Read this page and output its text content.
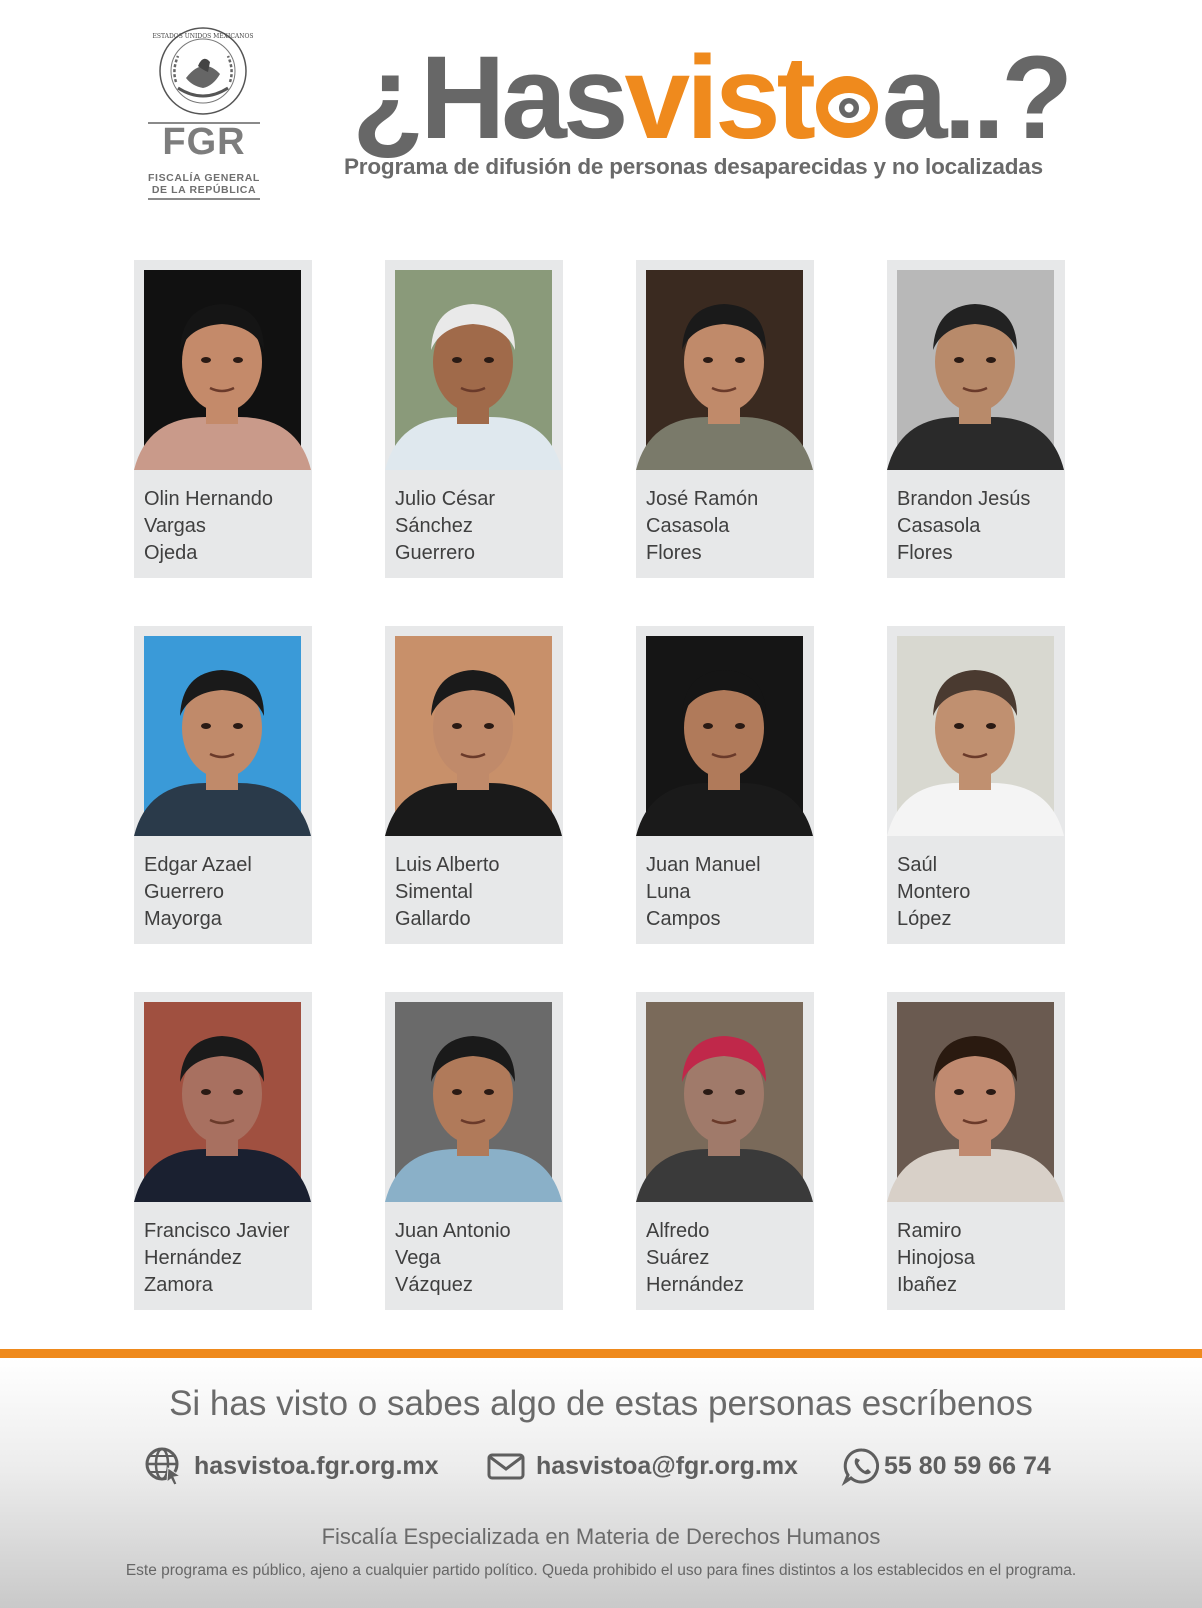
ESTADOS UNIDOS MEXICANOS
FGR
FISCALÍA GENERAL
DE LA REPÚBLICA
¿Hasvist a..?
Programa de difusión de personas desaparecidas y no localizadas
Olin Hernando
Vargas
Ojeda
Julio César
Sánchez
Guerrero
José Ramón
Casasola
Flores
Brandon Jesús
Casasola
Flores
Edgar Azael
Guerrero
Mayorga
Luis Alberto
Simental
Gallardo
Juan Manuel
Luna
Campos
Saúl
Montero
López
Francisco Javier
Hernández
Zamora
Juan Antonio
Vega
Vázquez
Alfredo
Suárez
Hernández
Ramiro
Hinojosa
Ibañez
Si has visto o sabes algo de estas personas escríbenos
hasvistoa.fgr.org.mx	hasvistoa@fgr.org.mx	55 80 59 66 74
Fiscalía Especializada en Materia de Derechos Humanos
Este programa es público, ajeno a cualquier partido político. Queda prohibido el uso para fines distintos a los establecidos en el programa.
